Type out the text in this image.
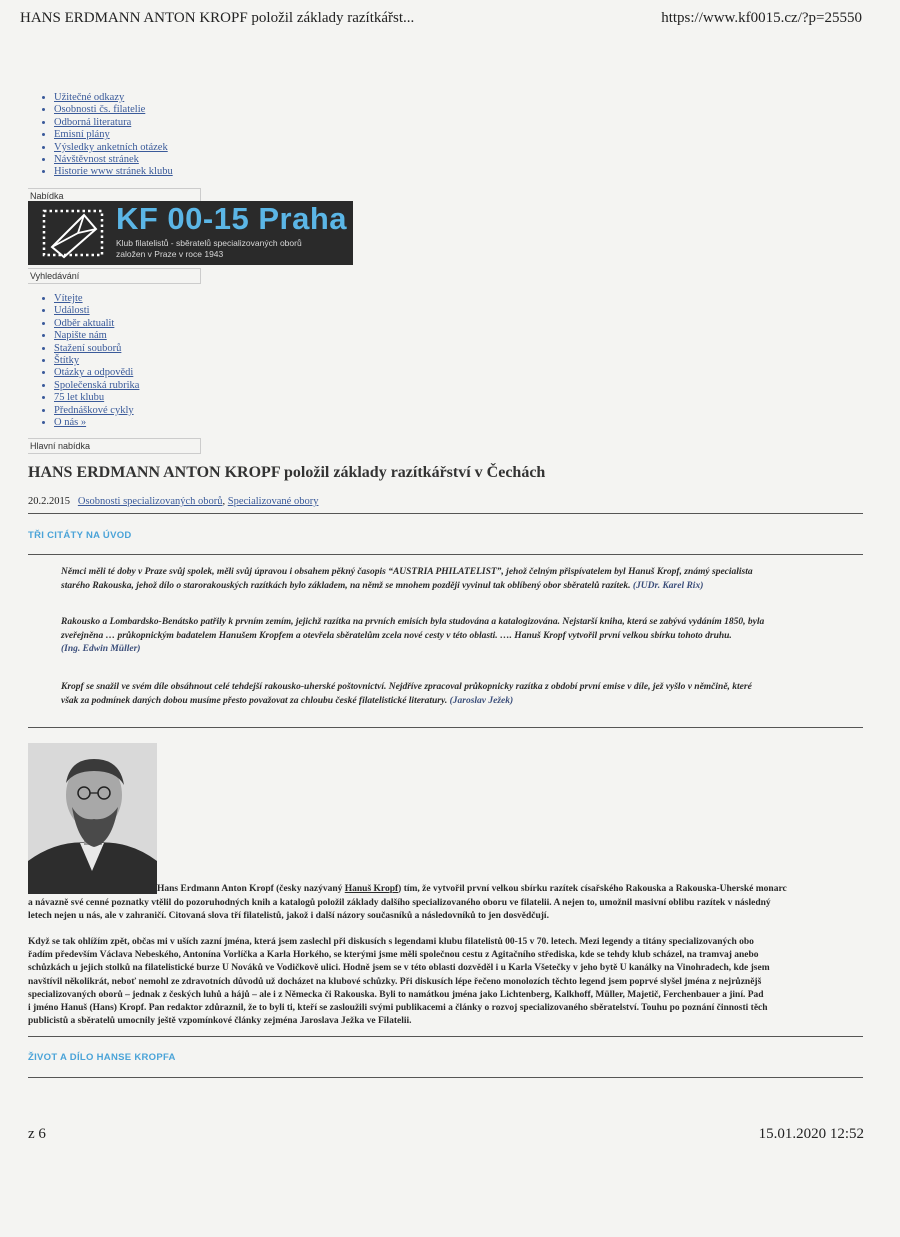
HANS ERDMANN ANTON KROPF položil základy razítkářst...	https://www.kf0015.cz/?p=25550
• Užitečné odkazy
• Osobnosti čs. filatelie
• Odborná literatura
• Emisní plány
• Výsledky anketních otázek
• Návštěvnost stránek
• Historie www stránek klubu
Nabídka
KF 00-15 Praha
Klub filatelistů - sběratelů specializovaných oborů
založen v Praze v roce 1943
Vyhledávání
• Vítejte
• Události
• Odběr aktualit
• Napište nám
• Stažení souborů
• Štítky
• Otázky a odpovědi
• Společenská rubrika
• 75 let klubu
• Přednáškové cykly
• O nás »
Hlavní nabídka
HANS ERDMANN ANTON KROPF položil základy razítkářství v Čechách
20.2.2015 Osobnosti specializovaných oborů, Specializované obory
TŘI CITÁTY NA ÚVOD
Němci měli té doby v Praze svůj spolek, měli svůj úpravou i obsahem pěkný časopis “AUSTRIA PHILATELIST”, jehož čelným přispívatelem byl Hanuš Kropf, známý specialista
starého Rakouska, jehož dílo o starorakouských razítkách bylo základem, na němž se mnohem později vyvinul tak oblíbený obor sběratelů razítek. (JUDr. Karel Rix)
Rakousko a Lombardsko-Benátsko patřily k prvním zemím, jejichž razítka na prvních emisích byla studována a katalogizována. Nejstarší kniha, která se zabývá vydáním 1850, byla
zveřejněna … průkopnickým badatelem Hanušem Kropfem a otevřela sběratelům zcela nové cesty v této oblasti. …. Hanuš Kropf vytvořil první velkou sbírku tohoto druhu.
(Ing. Edwin Müller)
Kropf se snažil ve svém díle obsáhnout celé tehdejší rakousko-uherské poštovnictví. Nejdříve zpracoval průkopnicky razítka z období první emise v díle, jež vyšlo v němčině, které
však za podmínek daných dobou musíme přesto považovat za chloubu české filatelistické literatury. (Jaroslav Ježek)
Hans Erdmann Anton Kropf (česky nazývaný Hanuš Kropf) tím, že vytvořil první velkou sbírku razítek císařského Rakouska a Rakouska-Uherské monarc
a návazně své cenné poznatky vtělil do pozoruhodných knih a katalogů položil základy dalšího specializovaného oboru ve filatelii. A nejen to, umožnil masivní oblibu razítek v následný
letech nejen u nás, ale v zahraničí. Citovaná slova tří filatelistů, jakož i další názory současníků a následovníků to jen dosvědčují.
Když se tak ohlížím zpět, občas mi v uších zazní jména, která jsem zaslechl při diskusích s legendami klubu filatelistů 00-15 v 70. letech. Mezi legendy a titány specializovaných obo
řadím především Václava Nebeského, Antonína Vorlíčka a Karla Horkého, se kterými jsme měli společnou cestu z Agitačního střediska, kde se tehdy klub scházel, na tramvaj anebo
schůzkách u jejich stolků na filatelistické burze U Nováků ve Vodičkově ulici. Hodně jsem se v této oblasti dozvěděl i u Karla Všetečky v jeho bytě U kanálky na Vinohradech, kde jsem
navštívil několikrát, neboť nemohl ze zdravotních důvodů už docházet na klubové schůzky. Při diskusích lépe řečeno monolozích těchto legend jsem poprvé slyšel jména z nejrůznějš
specializovaných oborů – jednak z českých luhů a hájů – ale i z Německa či Rakouska. Byli to namátkou jména jako Lichtenberg, Kalkhoff, Müller, Majetič, Ferchenbauer a jiní. Pad
i jméno Hanuš (Hans) Kropf. Pan redaktor zdůraznil, že to byli ti, kteří se zasloužili svými publikacemi a články o rozvoj specializovaného sběratelství. Touhu po poznání činnosti těch
publicistů a sběratelů umocnily ještě vzpomínkové články zejména Jaroslava Ježka ve Filatelii.
ŽIVOT A DÍLO HANSE KROPFA
z 6	15.01.2020 12:52
